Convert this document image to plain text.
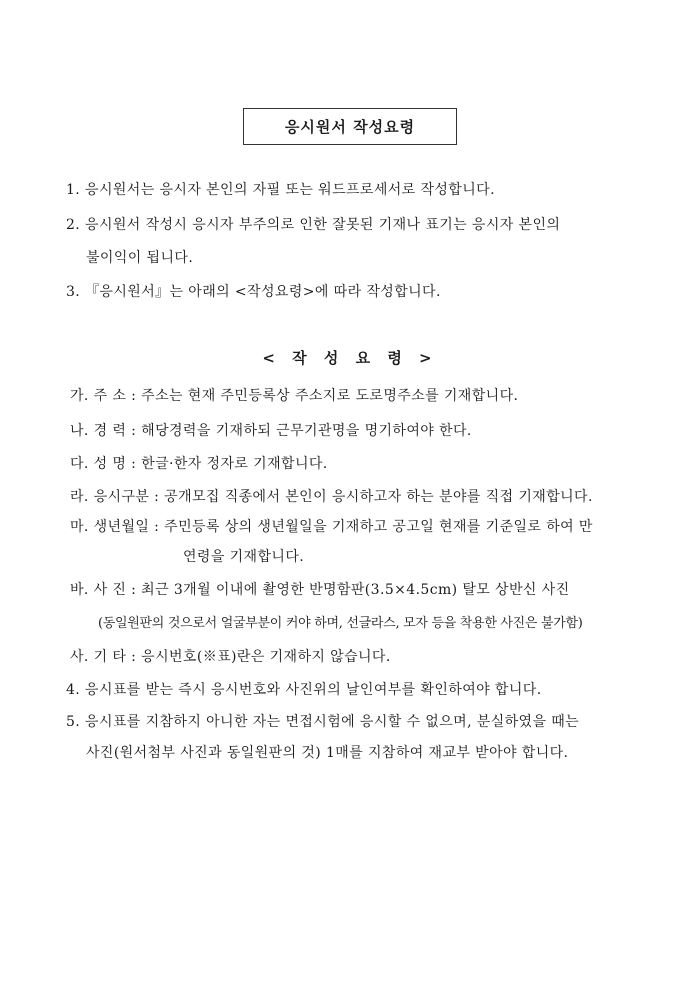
응시원서 작성요령
1. 응시원서는 응시자 본인의 자필 또는 워드프로세서로 작성합니다.
2. 응시원서 작성시 응시자 부주의로 인한 잘못된 기재나 표기는 응시자 본인의
불이익이 됩니다.
3. 『응시원서』는 아래의 <작성요령>에 따라 작성합니다.
< 작 성 요 령 >
가. 주 소 : 주소는 현재 주민등록상 주소지로 도로명주소를 기재합니다.
나. 경 력 : 해당경력을 기재하되 근무기관명을 명기하여야 한다.
다. 성 명 : 한글·한자 정자로 기재합니다.
라. 응시구분 : 공개모집 직종에서 본인이 응시하고자 하는 분야를 직접 기재합니다.
마. 생년월일 : 주민등록 상의 생년월일을 기재하고 공고일 현재를 기준일로 하여 만
연령을 기재합니다.
바. 사 진 : 최근 3개월 이내에 촬영한 반명함판(3.5×4.5cm) 탈모 상반신 사진
(동일원판의 것으로서 얼굴부분이 커야 하며, 선글라스, 모자 등을 착용한 사진은 불가함)
사. 기 타 : 응시번호(※표)란은 기재하지 않습니다.
4. 응시표를 받는 즉시 응시번호와 사진위의 날인여부를 확인하여야 합니다.
5. 응시표를 지참하지 아니한 자는 면접시험에 응시할 수 없으며, 분실하였을 때는
사진(원서첨부 사진과 동일원판의 것) 1매를 지참하여 재교부 받아야 합니다.
